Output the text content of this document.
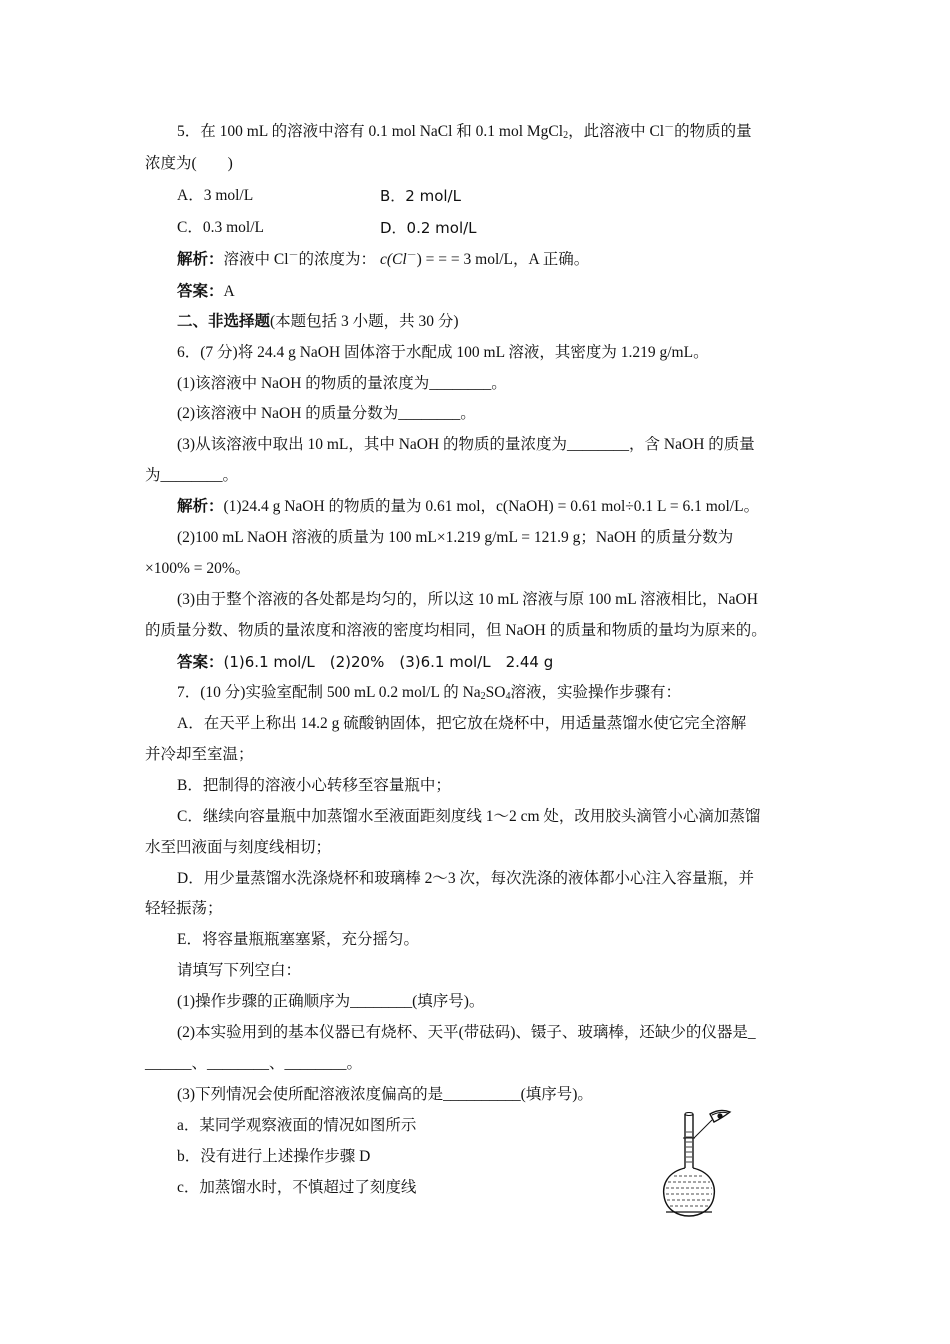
5．在 100 mL 的溶液中溶有 0.1 mol NaCl 和 0.1 mol MgCl$_2$，此溶液中 Cl－的物质的量
浓度为(　　)
A．3 mol/L	B．2 mol/L
C．0.3 mol/L	D．0.2 mol/L
解析：溶液中 Cl－的浓度为： c(Cl－) = = = 3 mol/L，A 正确。
答案：A
二、非选择题(本题包括 3 小题，共 30 分)
6．(7 分)将 24.4 g NaOH 固体溶于水配成 100 mL 溶液，其密度为 1.219 g/mL。
(1)该溶液中 NaOH 的物质的量浓度为________。
(2)该溶液中 NaOH 的质量分数为________。
(3)从该溶液中取出 10 mL，其中 NaOH 的物质的量浓度为________，含 NaOH 的质量
为________。
解析：(1)24.4 g NaOH 的物质的量为 0.61 mol，c(NaOH) = 0.61 mol÷0.1 L = 6.1 mol/L。
(2)100 mL NaOH 溶液的质量为 100 mL×1.219 g/mL = 121.9 g；NaOH 的质量分数为
×100% = 20%。
(3)由于整个溶液的各处都是均匀的，所以这 10 mL 溶液与原 100 mL 溶液相比，NaOH
的质量分数、物质的量浓度和溶液的密度均相同，但 NaOH 的质量和物质的量均为原来的。
答案：(1)6.1 mol/L　(2)20%　(3)6.1 mol/L　2.44 g
7．(10 分)实验室配制 500 mL 0.2 mol/L 的 $Na_2SO_4$溶液，实验操作步骤有：
A．在天平上称出 14.2 g 硫酸钠固体，把它放在烧杯中，用适量蒸馏水使它完全溶解
并冷却至室温；
B．把制得的溶液小心转移至容量瓶中；
C．继续向容量瓶中加蒸馏水至液面距刻度线 1～2 cm 处，改用胶头滴管小心滴加蒸馏
水至凹液面与刻度线相切；
D．用少量蒸馏水洗涤烧杯和玻璃棒 2～3 次，每次洗涤的液体都小心注入容量瓶，并
轻轻振荡；
E．将容量瓶瓶塞塞紧，充分摇匀。
请填写下列空白：
(1)操作步骤的正确顺序为________(填序号)。
(2)本实验用到的基本仪器已有烧杯、天平(带砝码)、镊子、玻璃棒，还缺少的仪器是_
______、________、________。
(3)下列情况会使所配溶液浓度偏高的是__________(填序号)。
a．某同学观察液面的情况如图所示
b．没有进行上述操作步骤 D
c．加蒸馏水时，不慎超过了刻度线
